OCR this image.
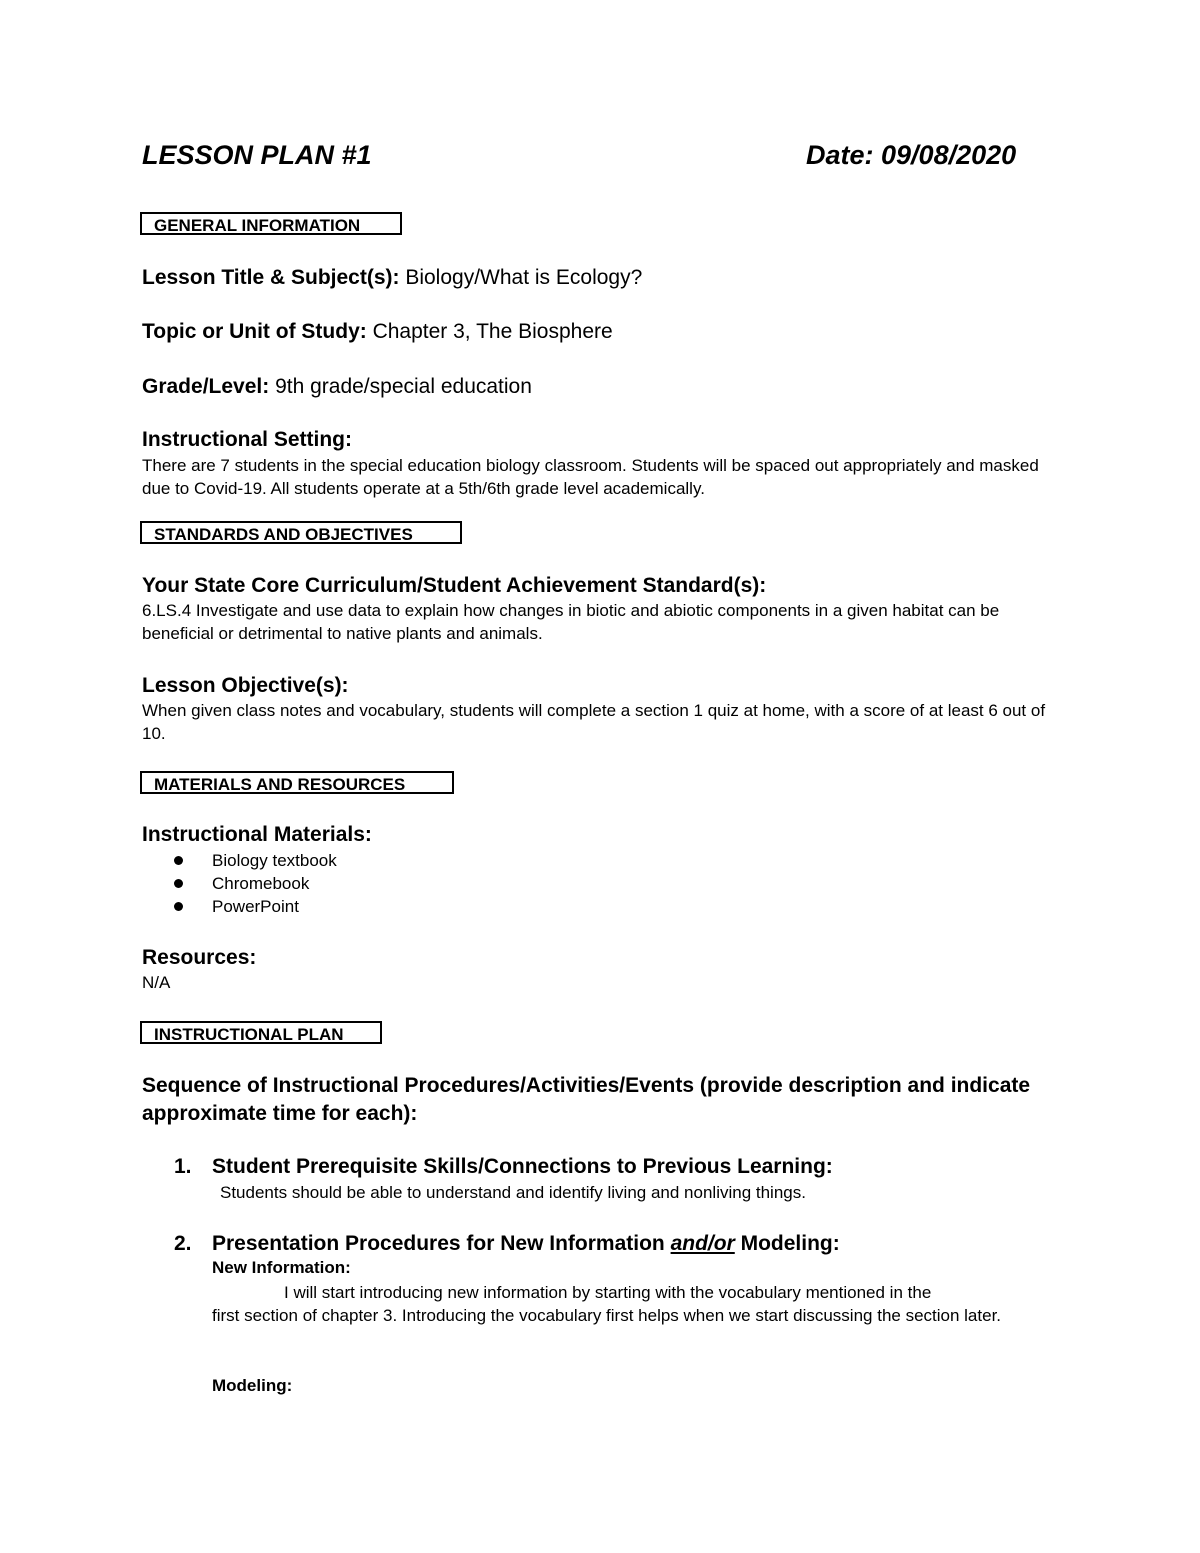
LESSON PLAN #1	Date: 09/08/2020
GENERAL INFORMATION
Lesson Title & Subject(s): Biology/What is Ecology?
Topic or Unit of Study: Chapter 3, The Biosphere
Grade/Level: 9th grade/special education
Instructional Setting:
There are 7 students in the special education biology classroom. Students will be spaced out appropriately and masked due to Covid-19. All students operate at a 5th/6th grade level academically.
STANDARDS AND OBJECTIVES
Your State Core Curriculum/Student Achievement Standard(s):
6.LS.4 Investigate and use data to explain how changes in biotic and abiotic components in a given habitat can be beneficial or detrimental to native plants and animals.
Lesson Objective(s):
When given class notes and vocabulary, students will complete a section 1 quiz at home, with a score of at least 6 out of 10.
MATERIALS AND RESOURCES
Instructional Materials:
Biology textbook
Chromebook
PowerPoint
Resources:
N/A
INSTRUCTIONAL PLAN
Sequence of Instructional Procedures/Activities/Events (provide description and indicate approximate time for each):
1. Student Prerequisite Skills/Connections to Previous Learning:
Students should be able to understand and identify living and nonliving things.
2. Presentation Procedures for New Information and/or Modeling:
New Information:
I will start introducing new information by starting with the vocabulary mentioned in the
first section of chapter 3. Introducing the vocabulary first helps when we start discussing the section later.
Modeling:
